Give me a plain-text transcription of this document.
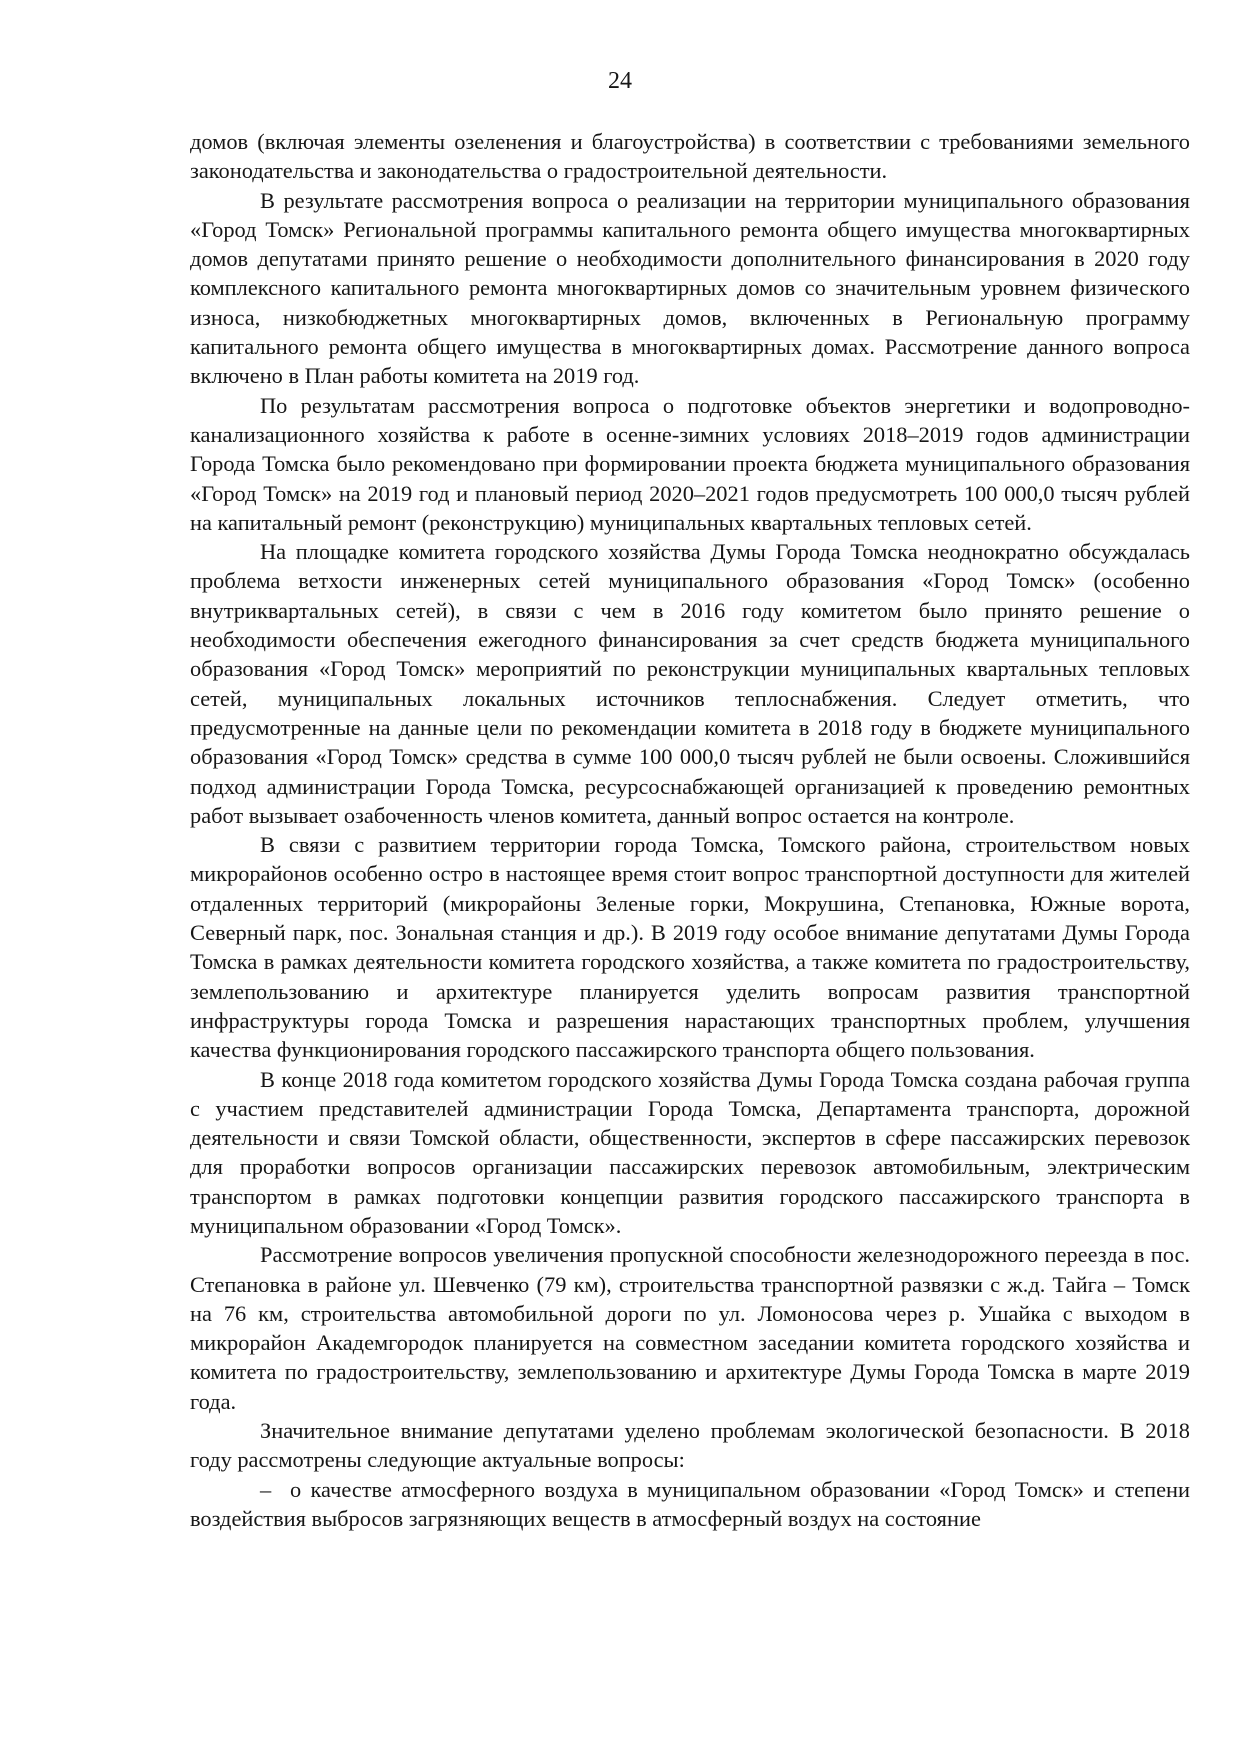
24

домов (включая элементы озеленения и благоустройства) в соответствии с требованиями земельного законодательства и законодательства о градостроительной деятельности.

В результате рассмотрения вопроса о реализации на территории муниципального образования «Город Томск» Региональной программы капитального ремонта общего имущества многоквартирных домов депутатами принято решение о необходимости дополнительного финансирования в 2020 году комплексного капитального ремонта многоквартирных домов со значительным уровнем физического износа, низкобюджетных многоквартирных домов, включенных в Региональную программу капитального ремонта общего имущества в многоквартирных домах. Рассмотрение данного вопроса включено в План работы комитета на 2019 год.

По результатам рассмотрения вопроса о подготовке объектов энергетики и водопроводно-канализационного хозяйства к работе в осенне-зимних условиях 2018–2019 годов администрации Города Томска было рекомендовано при формировании проекта бюджета муниципального образования «Город Томск» на 2019 год и плановый период 2020–2021 годов предусмотреть 100 000,0 тысяч рублей на капитальный ремонт (реконструкцию) муниципальных квартальных тепловых сетей.

На площадке комитета городского хозяйства Думы Города Томска неоднократно обсуждалась проблема ветхости инженерных сетей муниципального образования «Город Томск» (особенно внутриквартальных сетей), в связи с чем в 2016 году комитетом было принято решение о необходимости обеспечения ежегодного финансирования за счет средств бюджета муниципального образования «Город Томск» мероприятий по реконструкции муниципальных квартальных тепловых сетей, муниципальных локальных источников теплоснабжения. Следует отметить, что предусмотренные на данные цели по рекомендации комитета в 2018 году в бюджете муниципального образования «Город Томск» средства в сумме 100 000,0 тысяч рублей не были освоены. Сложившийся подход администрации Города Томска, ресурсоснабжающей организацией к проведению ремонтных работ вызывает озабоченность членов комитета, данный вопрос остается на контроле.

В связи с развитием территории города Томска, Томского района, строительством новых микрорайонов особенно остро в настоящее время стоит вопрос транспортной доступности для жителей отдаленных территорий (микрорайоны Зеленые горки, Мокрушина, Степановка, Южные ворота, Северный парк, пос. Зональная станция и др.). В 2019 году особое внимание депутатами Думы Города Томска в рамках деятельности комитета городского хозяйства, а также комитета по градостроительству, землепользованию и архитектуре планируется уделить вопросам развития транспортной инфраструктуры города Томска и разрешения нарастающих транспортных проблем, улучшения качества функционирования городского пассажирского транспорта общего пользования.

В конце 2018 года комитетом городского хозяйства Думы Города Томска создана рабочая группа с участием представителей администрации Города Томска, Департамента транспорта, дорожной деятельности и связи Томской области, общественности, экспертов в сфере пассажирских перевозок для проработки вопросов организации пассажирских перевозок автомобильным, электрическим транспортом в рамках подготовки концепции развития городского пассажирского транспорта в муниципальном образовании «Город Томск».

Рассмотрение вопросов увеличения пропускной способности железнодорожного переезда в пос. Степановка в районе ул. Шевченко (79 км), строительства транспортной развязки с ж.д. Тайга – Томск на 76 км, строительства автомобильной дороги по ул. Ломоносова через р. Ушайка с выходом в микрорайон Академгородок планируется на совместном заседании комитета городского хозяйства и комитета по градостроительству, землепользованию и архитектуре Думы Города Томска в марте 2019 года.

Значительное внимание депутатами уделено проблемам экологической безопасности. В 2018 году рассмотрены следующие актуальные вопросы:

– о качестве атмосферного воздуха в муниципальном образовании «Город Томск» и степени воздействия выбросов загрязняющих веществ в атмосферный воздух на состояние
